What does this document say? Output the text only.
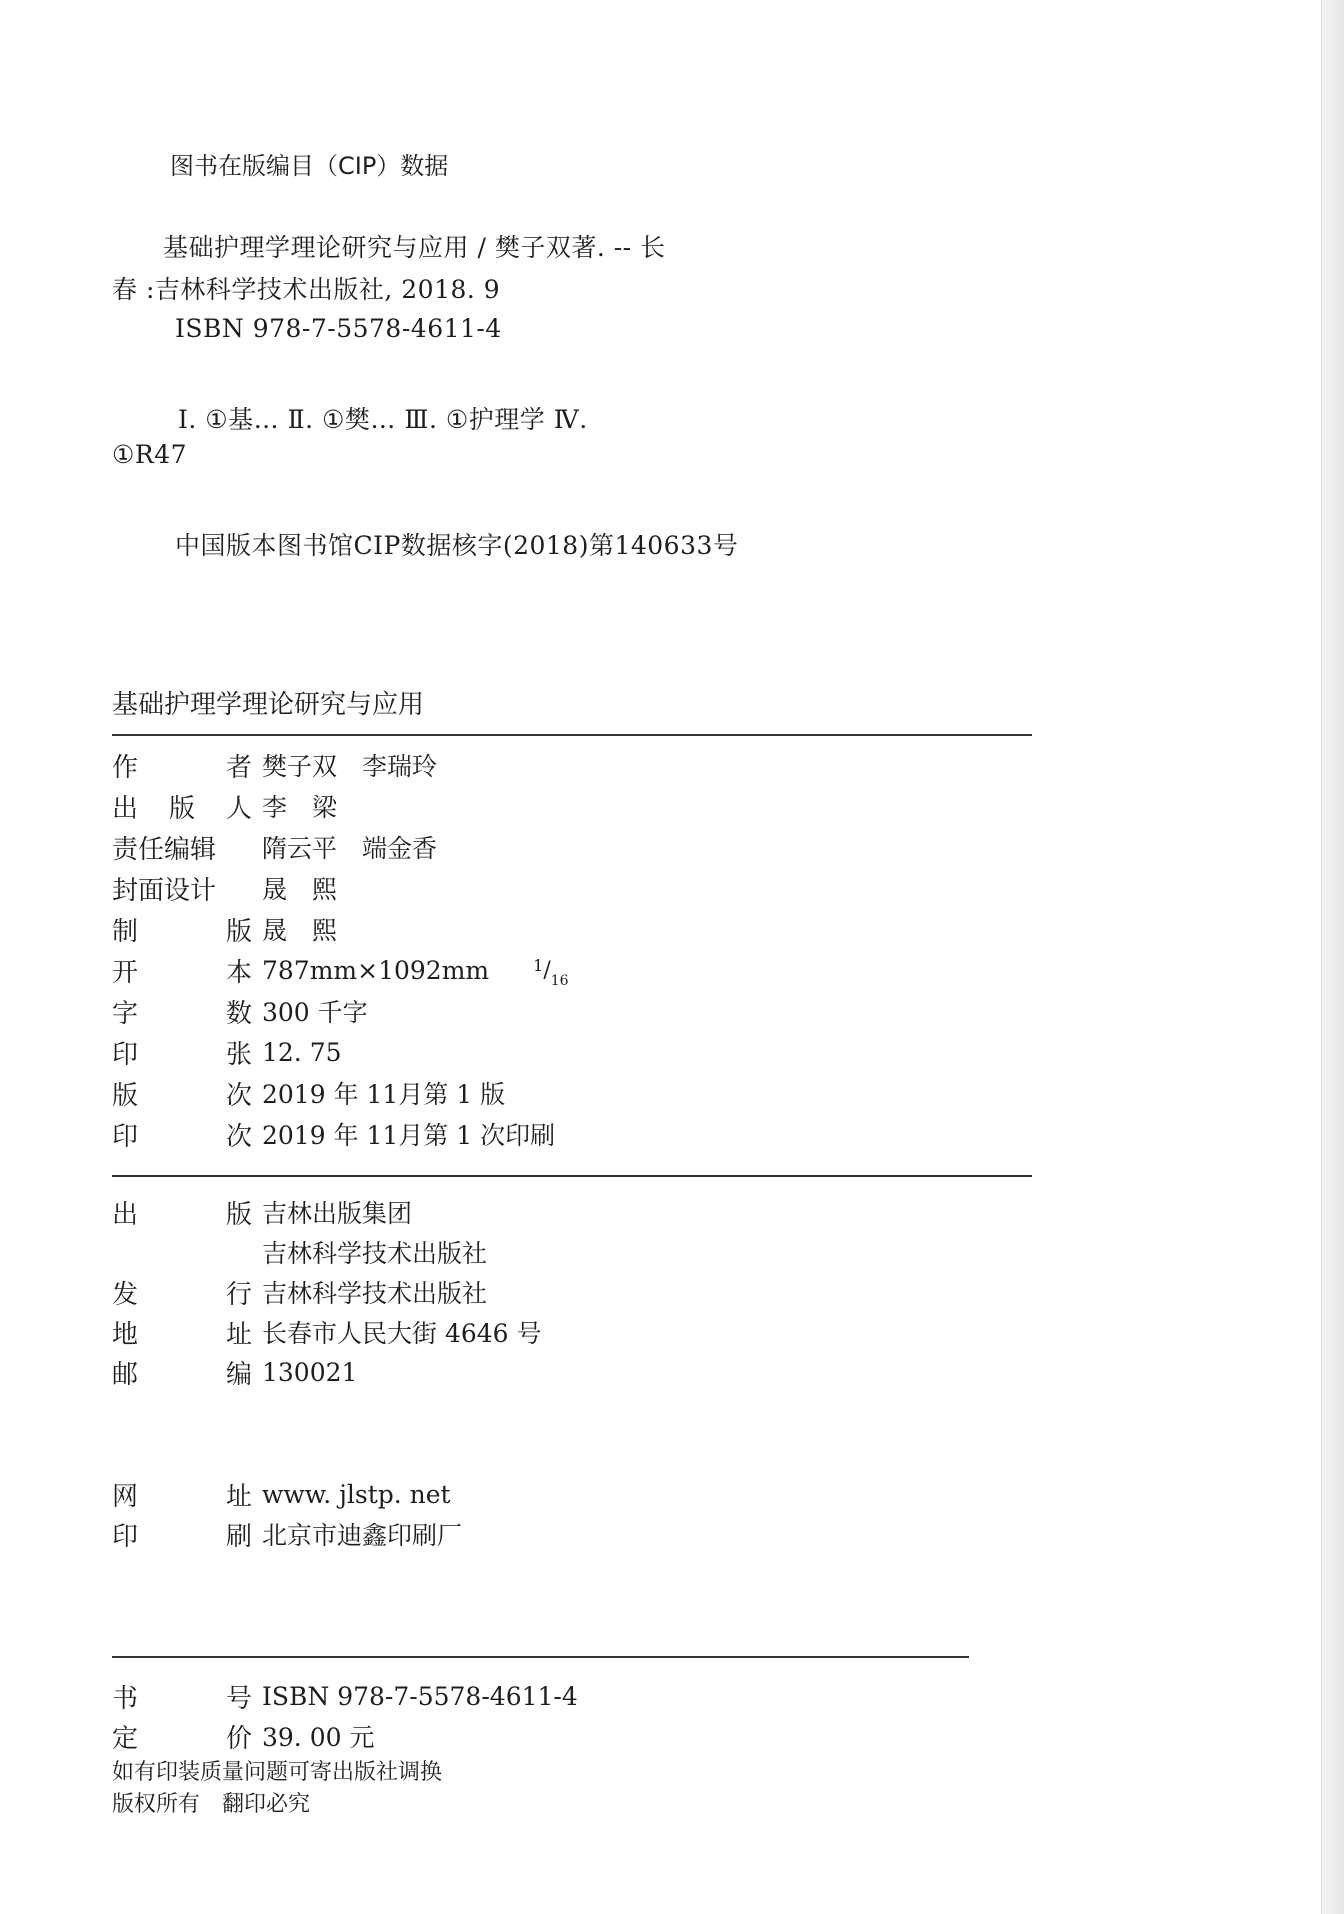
图书在版编目（CIP）数据
基础护理学理论研究与应用 / 樊子双著. -- 长
春 :吉林科学技术出版社, 2018. 9
ISBN 978-7-5578-4611-4
Ⅰ. ①基… Ⅱ. ①樊… Ⅲ. ①护理学 Ⅳ.
①R47
中国版本图书馆CIP数据核字(2018)第140633号
基础护理学理论研究与应用
作	者 樊子双　李瑞玲
出 版 人 李　梁
责任编辑 隋云平　端金香
封面设计 晟　熙
制	版 晟　熙
开	本 787mm×1092mm	$^1/_{16}$
字	数 300 千字
印	张 12. 75
版	次 2019 年 11月第 1 版
印	次 2019 年 11月第 1 次印刷
出	版 吉林出版集团
吉林科学技术出版社
发	行 吉林科学技术出版社
地	址 长春市人民大街 4646 号
邮	编 130021
网	址 www. jlstp. net
印	刷 北京市迪鑫印刷厂
书	号 ISBN 978-7-5578-4611-4
定	价 39. 00 元
如有印装质量问题可寄出版社调换
版权所有　翻印必究
